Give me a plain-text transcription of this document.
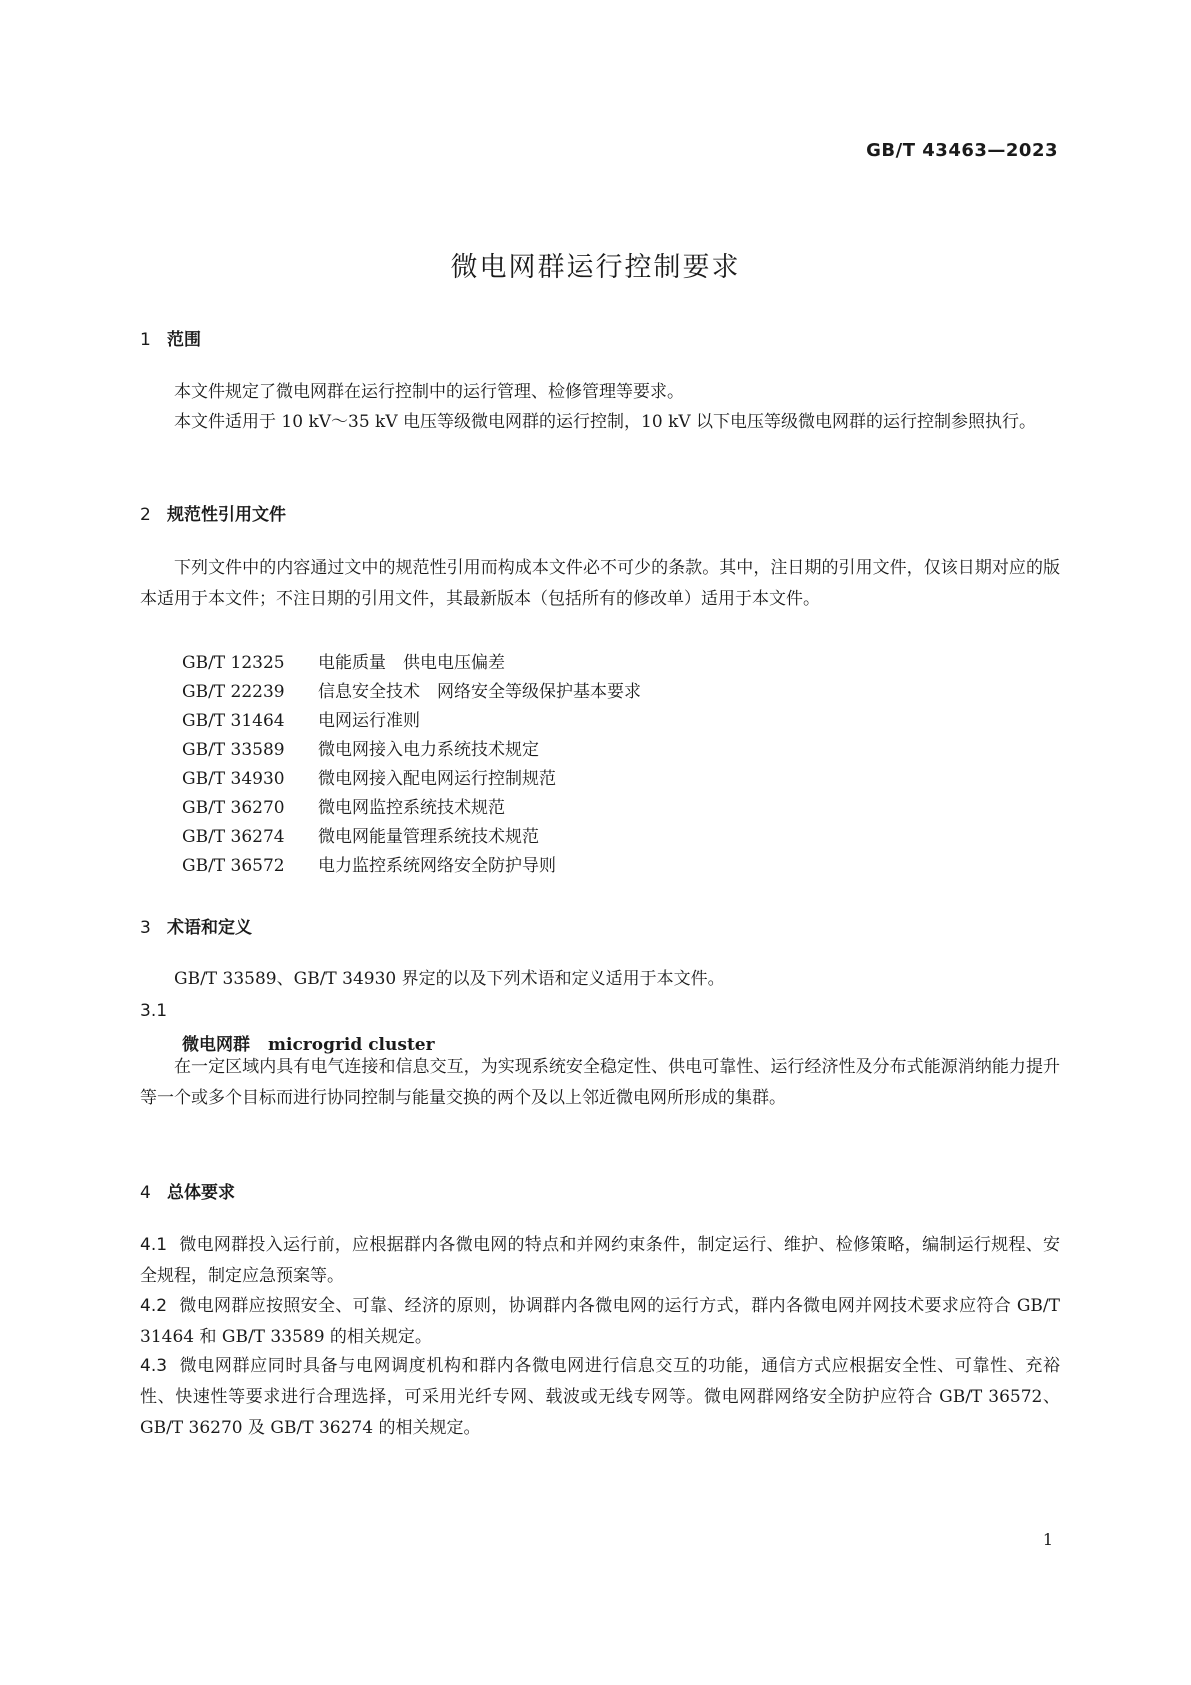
GB/T 43463—2023
微电网群运行控制要求
1 范围
本文件规定了微电网群在运行控制中的运行管理、检修管理等要求。
本文件适用于 10 kV～35 kV 电压等级微电网群的运行控制，10 kV 以下电压等级微电网群的运行控制参照执行。
2 规范性引用文件
下列文件中的内容通过文中的规范性引用而构成本文件必不可少的条款。其中，注日期的引用文件，仅该日期对应的版本适用于本文件；不注日期的引用文件，其最新版本（包括所有的修改单）适用于本文件。
GB/T 12325 电能质量　供电电压偏差
GB/T 22239 信息安全技术　网络安全等级保护基本要求
GB/T 31464 电网运行准则
GB/T 33589 微电网接入电力系统技术规定
GB/T 34930 微电网接入配电网运行控制规范
GB/T 36270 微电网监控系统技术规范
GB/T 36274 微电网能量管理系统技术规范
GB/T 36572 电力监控系统网络安全防护导则
3 术语和定义
GB/T 33589、GB/T 34930 界定的以及下列术语和定义适用于本文件。
3.1
微电网群 microgrid cluster
在一定区域内具有电气连接和信息交互，为实现系统安全稳定性、供电可靠性、运行经济性及分布式能源消纳能力提升等一个或多个目标而进行协同控制与能量交换的两个及以上邻近微电网所形成的集群。
4 总体要求
4.1 微电网群投入运行前，应根据群内各微电网的特点和并网约束条件，制定运行、维护、检修策略，编制运行规程、安全规程，制定应急预案等。
4.2 微电网群应按照安全、可靠、经济的原则，协调群内各微电网的运行方式，群内各微电网并网技术要求应符合 GB/T 31464 和 GB/T 33589 的相关规定。
4.3 微电网群应同时具备与电网调度机构和群内各微电网进行信息交互的功能，通信方式应根据安全性、可靠性、充裕性、快速性等要求进行合理选择，可采用光纤专网、载波或无线专网等。微电网群网络安全防护应符合 GB/T 36572、GB/T 36270 及 GB/T 36274 的相关规定。
1
